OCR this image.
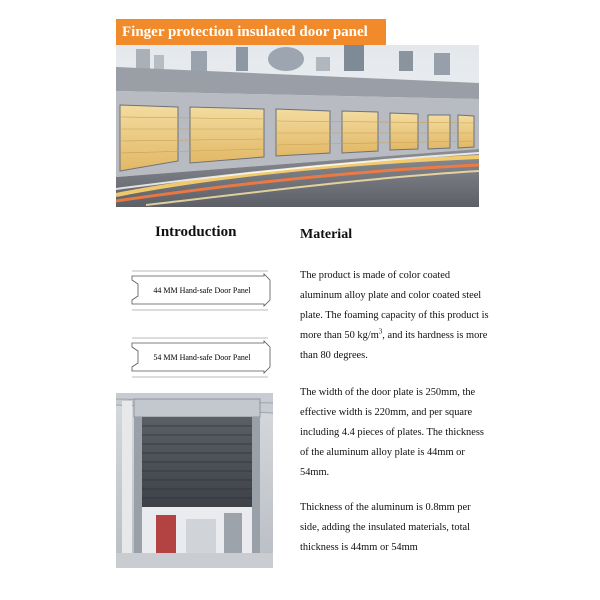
Finger protection insulated door panel
Introduction	Material
44 MM Hand-safe Door Panel
54 MM Hand-safe Door Panel

The product is made of color coated aluminum alloy plate and color coated steel plate. The foaming capacity of this product is more than 50 $kg/m^3$, and its hardness is more than 80 degrees.

The width of the door plate is 250mm, the effective width is 220mm, and per square including 4.4 pieces of plates. The thickness of the aluminum alloy plate is 44mm or 54mm.

Thickness of the aluminum is 0.8mm per side, adding the insulated materials, total thickness is 44mm or 54mm
